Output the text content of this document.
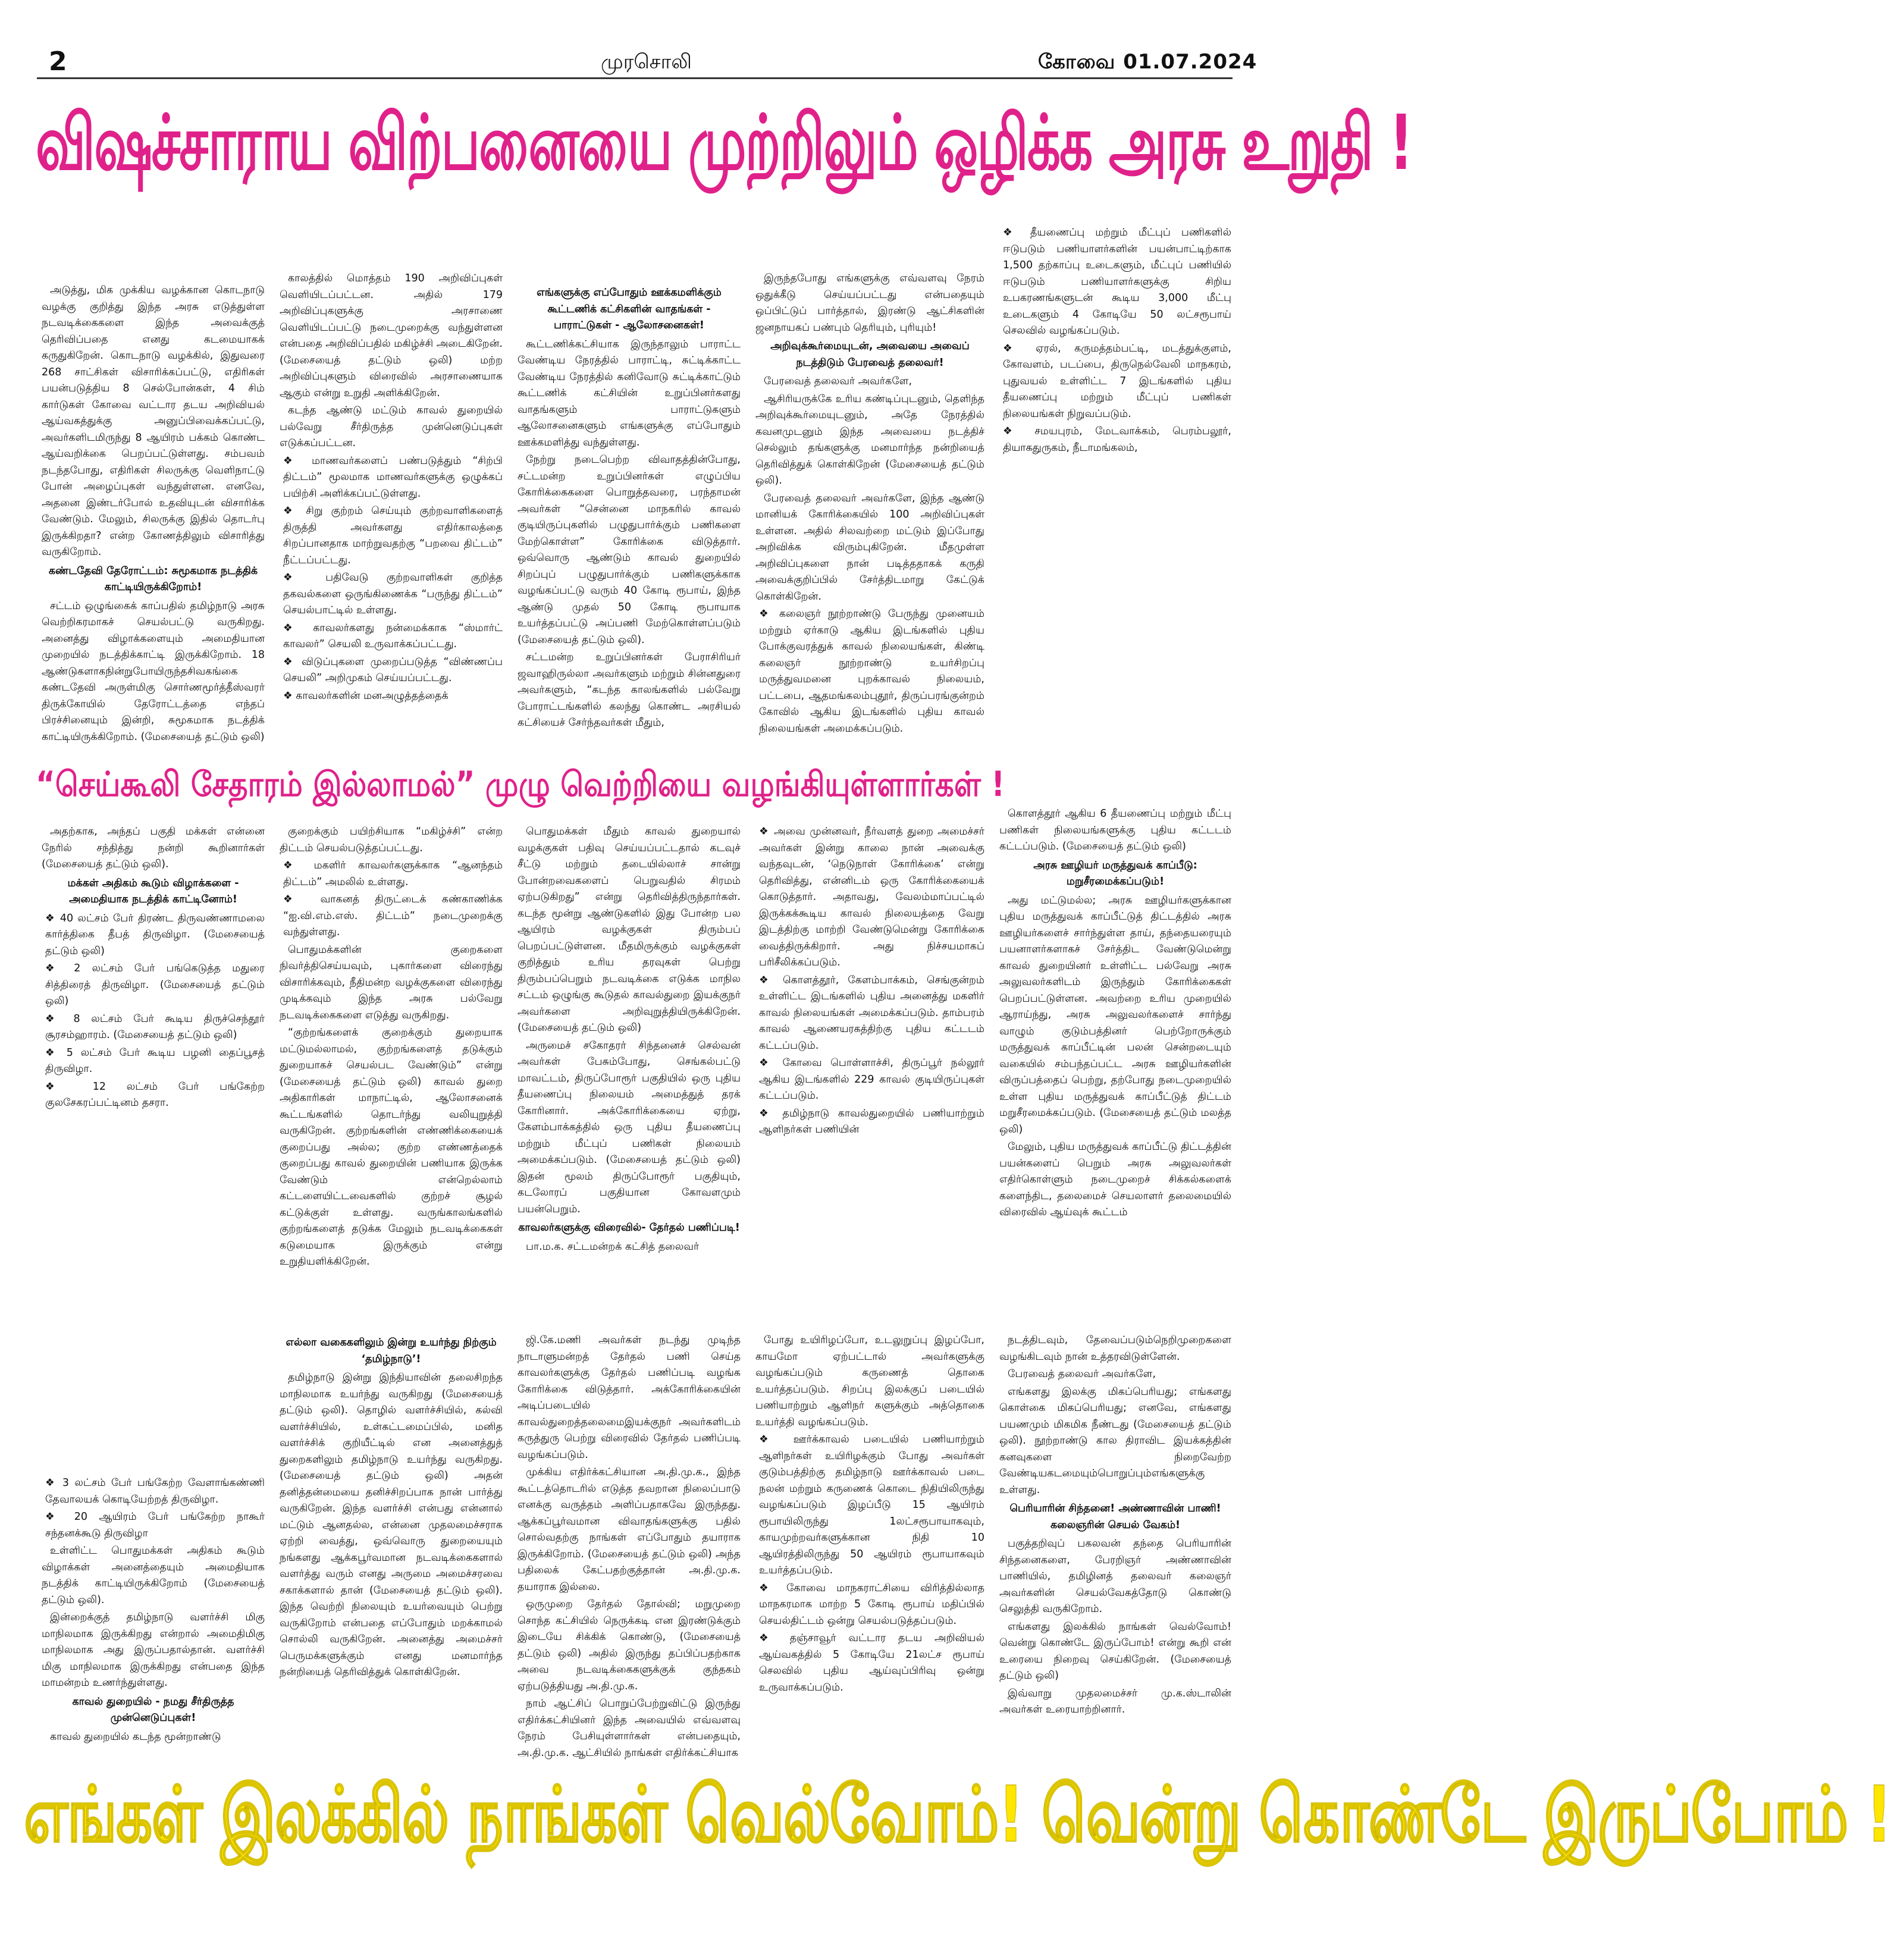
2	முரசொலி	கோவை 01.07.2024
விஷச்சாராய விற்பனையை முற்றிலும் ஒழிக்க அரசு உறுதி !

அடுத்து, மிக முக்கிய வழக்கான கொடநாடு வழக்கு குறித்து இந்த அரசு எடுத்துள்ள நடவடிக்கைகளை இந்த அவைக்குத் தெரிவிப்பதை எனது கடமையாகக் கருதுகிறேன். கொடநாடு வழக்கில், இதுவரை 268 சாட்சிகள் விசாரிக்கப்பட்டு, எதிரிகள் பயன்படுத்திய 8 செல்போன்கள், 4 சிம் கார்டுகள் கோவை வட்டார தடய அறிவியல் ஆய்வகத்துக்கு அனுப்பிவைக்கப்பட்டு, அவர்களிடமிருந்து 8 ஆயிரம் பக்கம் கொண்ட ஆய்வறிக்கை பெறப்பட்டுள்ளது. சம்பவம் நடந்தபோது, எதிரிகள் சிலருக்கு வெளிநாட்டு போன் அழைப்புகள் வந்துள்ளன. எனவே, அதனை இண்டர்போல் உதவியுடன் விசாரிக்க வேண்டும். மேலும், சிலருக்கு இதில் தொடர்பு இருக்கிறதா? என்ற கோணத்திலும் விசாரித்து வருகிறோம்.

கண்டதேவி தேரோட்டம்: சுமூகமாக நடத்திக் காட்டியிருக்கிறோம்!

சட்டம் ஒழுங்கைக் காப்பதில் தமிழ்நாடு அரசு வெற்றிகரமாகச் செயல்பட்டு வருகிறது. அனைத்து விழாக்களையும் அமைதியான முறையில் நடத்திக்காட்டி இருக்கிறோம். 18 ஆண்டுகளாகநின்றுபோயிருந்தசிவகங்கை கண்டதேவி அருள்மிகு சொர்ணமூர்த்தீஸ்வரர் திருக்கோயில் தேரோட்டத்தை எந்தப் பிரச்சினையும் இன்றி, சுமூகமாக நடத்திக் காட்டியிருக்கிறோம். (மேசையைத் தட்டும் ஒலி)

காலத்தில் மொத்தம் 190 அறிவிப்புகள் வெளியிடப்பட்டன. அதில் 179 அறிவிப்புகளுக்கு அரசாணை வெளியிடப்பட்டு நடைமுறைக்கு வந்துள்ளன என்பதை அறிவிப்பதில் மகிழ்ச்சி அடைகிறேன். (மேசையைத் தட்டும் ஒலி) மற்ற அறிவிப்புகளும் விரைவில் அரசாணையாக ஆகும் என்று உறுதி அளிக்கிறேன்.

கடந்த ஆண்டு மட்டும் காவல் துறையில் பல்வேறு சீர்திருத்த முன்னெடுப்புகள் எடுக்கப்பட்டன.

❖ மாணவர்களைப் பண்படுத்தும் “சிற்பி திட்டம்” மூலமாக மாணவர்களுக்கு ஒழுக்கப் பயிற்சி அளிக்கப்பட்டுள்ளது.

❖ சிறு குற்றம் செய்யும் குற்றவாளிகளைத் திருத்தி அவர்களது எதிர்காலத்தை சிறப்பானதாக மாற்றுவதற்கு “பறவை திட்டம்” நீட்டப்பட்டது.

❖ பதிவேடு குற்றவாளிகள் குறித்த தகவல்களை ஒருங்கிணைக்க “பருந்து திட்டம்” செயல்பாட்டில் உள்ளது.

❖ காவலர்களது நன்மைக்காக “ஸ்மார்ட் காவலர்” செயலி உருவாக்கப்பட்டது.

❖ விடுப்புகளை முறைப்படுத்த “விண்ணப்ப செயலி” அறிமுகம் செய்யப்பட்டது.

❖ காவலர்களின் மனஅழுத்தத்தைக்

எங்களுக்கு எப்போதும் ஊக்கமளிக்கும் கூட்டணிக் கட்சிகளின் வாதங்கள் - பாராட்டுகள் - ஆலோசனைகள்!

கூட்டணிக்கட்சியாக இருந்தாலும் பாராட்ட வேண்டிய நேரத்தில் பாராட்டி, சுட்டிக்காட்ட வேண்டிய நேரத்தில் கனிவோடு சுட்டிக்காட்டும் கூட்டணிக் கட்சியின் உறுப்பினர்களது வாதங்களும் பாராட்டுகளும் ஆலோசனைகளும் எங்களுக்கு எப்போதும் ஊக்கமளித்து வந்துள்ளது.

நேற்று நடைபெற்ற விவாதத்தின்போது, சட்டமன்ற உறுப்பினர்கள் எழுப்பிய கோரிக்கைகளை பொறுத்தவரை, பரந்தாமன் அவர்கள் “சென்னை மாநகரில் காவல் குடியிருப்புகளில் பழுதுபார்க்கும் பணிகளை மேற்கொள்ள” கோரிக்கை விடுத்தார். ஒவ்வொரு ஆண்டும் காவல் துறையில் சிறப்புப் பழுதுபார்க்கும் பணிகளுக்காக வழங்கப்பட்டு வரும் 40 கோடி ரூபாய், இந்த ஆண்டு முதல் 50 கோடி ரூபாயாக உயர்த்தப்பட்டு அப்பணி மேற்கொள்ளப்படும் (மேசையைத் தட்டும் ஒலி).

சட்டமன்ற உறுப்பினர்கள் பேராசிரியர் ஜவாஹிருல்லா அவர்களும் மற்றும் சின்னதுரை அவர்களும், “கடந்த காலங்களில் பல்வேறு போராட்டங்களில் கலந்து கொண்ட அரசியல் கட்சியைச் சேர்ந்தவர்கள் மீதும்,

இருந்தபோது எங்களுக்கு எவ்வளவு நேரம் ஒதுக்கீடு செய்யப்பட்டது என்பதையும் ஒப்பிட்டுப் பார்த்தால், இரண்டு ஆட்சிகளின் ஜனநாயகப் பண்பும் தெரியும், புரியும்!

அறிவுக்கூர்மையுடன், அவையை அவைப் நடத்திடும் பேரவைத் தலைவர்!

பேரவைத் தலைவர் அவர்களே,

ஆசிரியருக்கே உரிய கண்டிப்புடனும், தெளிந்த அறிவுக்கூர்மையுடனும், அதே நேரத்தில் கவனமுடனும் இந்த அவையை நடத்திச் செல்லும் தங்களுக்கு மனமார்ந்த நன்றியைத் தெரிவித்துக் கொள்கிறேன் (மேசையைத் தட்டும் ஒலி).

பேரவைத் தலைவர் அவர்களே, இந்த ஆண்டு மானியக் கோரிக்கையில் 100 அறிவிப்புகள் உள்ளன. அதில் சிலவற்றை மட்டும் இப்போது அறிவிக்க விரும்புகிறேன். மீதமுள்ள அறிவிப்புகளை நான் படித்ததாகக் கருதி அவைக்குறிப்பில் சேர்த்திடமாறு கேட்டுக் கொள்கிறேன்.

❖ கலைஞர் நூற்றாண்டு பேருந்து முனையம் மற்றும் ஏர்காடு ஆகிய இடங்களில் புதிய போக்குவரத்துக் காவல் நிலையங்கள், கிண்டி கலைஞர் நூற்றாண்டு உயர்சிறப்பு மருத்துவமனை புறக்காவல் நிலையம், பட்டபை, ஆதமங்கலம்புதூர், திருப்பரங்குன்றம் கோவில் ஆகிய இடங்களில் புதிய காவல் நிலையங்கள் அமைக்கப்படும்.

❖ தீயணைப்பு மற்றும் மீட்புப் பணிகளில் ஈடுபடும் பணியாளர்களின் பயன்பாட்டிற்காக 1,500 தற்காப்பு உடைகளும், மீட்புப் பணியில் ஈடுபடும் பணியாளர்களுக்கு சிறிய உபகரணங்களுடன் கூடிய 3,000 மீட்பு உடைகளும் 4 கோடியே 50 லட்சரூபாய் செலவில் வழங்கப்படும்.

❖ ஏரல், கருமத்தம்பட்டி, மடத்துக்குளம், கோவளம், படப்பை, திருநெல்வேலி மாநகரம், புதுவயல் உள்ளிட்ட 7 இடங்களில் புதிய தீயணைப்பு மற்றும் மீட்புப் பணிகள் நிலையங்கள் நிறுவப்படும்.

❖ சமயபுரம், மேடவாக்கம், பெரம்பலூர், தியாகதுருகம், நீடாமங்கலம்,

“செய்கூலி சேதாரம் இல்லாமல்” முழு வெற்றியை வழங்கியுள்ளார்கள் !

அதற்காக, அந்தப் பகுதி மக்கள் என்னை நேரில் சந்தித்து நன்றி கூறினார்கள் (மேசையைத் தட்டும் ஒலி).

மக்கள் அதிகம் கூடும் விழாக்களை - அமைதியாக நடத்திக் காட்டினோம்!

❖ 40 லட்சம் பேர் திரண்ட திருவண்ணாமலை கார்த்திகை தீபத் திருவிழா. (மேசையைத் தட்டும் ஒலி)

❖ 2 லட்சம் பேர் பங்கெடுத்த மதுரை சித்திரைத் திருவிழா. (மேசையைத் தட்டும் ஒலி)

❖ 8 லட்சம் பேர் கூடிய திருச்செந்தூர் சூரசம்ஹாரம். (மேசையைத் தட்டும் ஒலி)

❖ 5 லட்சம் பேர் கூடிய பழனி தைப்பூசத் திருவிழா.

❖ 12 லட்சம் பேர் பங்கேற்ற குலசேகரப்பட்டினம் தசரா.

குறைக்கும் பயிற்சியாக “மகிழ்ச்சி” என்ற திட்டம் செயல்படுத்தப்பட்டது.

❖ மகளிர் காவலர்களுக்காக “ஆனந்தம் திட்டம்” அமலில் உள்ளது.

❖ வாகனத் திருட்டைக் கண்காணிக்க “ஐ.வி.எம்.எஸ். திட்டம்” நடைமுறைக்கு வந்துள்ளது.

பொதுமக்களின் குறைகளை நிவர்த்திசெய்யவும், புகார்களை விரைந்து விசாரிக்கவும், நீதிமன்ற வழக்குகளை விரைந்து முடிக்கவும் இந்த அரசு பல்வேறு நடவடிக்கைகளை எடுத்து வருகிறது.

“குற்றங்களைக் குறைக்கும் துறையாக மட்டுமல்லாமல், குற்றங்களைத் தடுக்கும் துறையாகச் செயல்பட வேண்டும்” என்று (மேசையைத் தட்டும் ஒலி) காவல் துறை அதிகாரிகள் மாநாட்டில், ஆலோசனைக் கூட்டங்களில் தொடர்ந்து வலியுறுத்தி வருகிறேன். குற்றங்களின் எண்ணிக்கையைக் குறைப்பது அல்ல; குற்ற எண்ணத்தைக் குறைப்பது காவல் துறையின் பணியாக இருக்க வேண்டும் என்றெல்லாம் கட்டளையிட்டவைகளில் குற்றச் சூழல் கட்டுக்குள் உள்ளது. வருங்காலங்களில் குற்றங்களைத் தடுக்க மேலும் நடவடிக்கைகள் கடுமையாக இருக்கும் என்று உறுதியளிக்கிறேன்.

பொதுமக்கள் மீதும் காவல் துறையால் வழக்குகள் பதிவு செய்யப்பட்டதால் கடவுச் சீட்டு மற்றும் தடையில்லாச் சான்று போன்றவைகளைப் பெறுவதில் சிரமம் ஏற்படுகிறது” என்று தெரிவித்திருந்தார்கள். கடந்த மூன்று ஆண்டுகளில் இது போன்ற பல ஆயிரம் வழக்குகள் திரும்பப் பெறப்பட்டுள்ளன. மீதமிருக்கும் வழக்குகள் குறித்தும் உரிய தரவுகள் பெற்று திரும்பப்பெறும் நடவடிக்கை எடுக்க மாநில சட்டம் ஒழுங்கு கூடுதல் காவல்துறை இயக்குநர் அவர்களை அறிவுறுத்தியிருக்கிறேன். (மேசையைத் தட்டும் ஒலி)

அருமைச் சகோதரர் சிந்தனைச் செல்வன் அவர்கள் பேசும்போது, செங்கல்பட்டு மாவட்டம், திருப்போரூர் பகுதியில் ஒரு புதிய தீயணைப்பு நிலையம் அமைத்துத் தரக் கோரினார். அக்கோரிக்கையை ஏற்று, கேளம்பாக்கத்தில் ஒரு புதிய தீயணைப்பு மற்றும் மீட்புப் பணிகள் நிலையம் அமைக்கப்படும். (மேசையைத் தட்டும் ஒலி) இதன் மூலம் திருப்போரூர் பகுதியும், கடலோரப் பகுதியான கோவளமும் பயன்பெறும்.

காவலர்களுக்கு விரைவில்- தேர்தல் பணிப்படி!

பா.ம.க. சட்டமன்றக் கட்சித் தலைவர்

❖ அவை முன்னவர், நீர்வளத் துறை அமைச்சர் அவர்கள் இன்று காலை நான் அவைக்கு வந்தவுடன், ‘நெடுநாள் கோரிக்கை’ என்று தெரிவித்து, என்னிடம் ஒரு கோரிக்கையைக் கொடுத்தார். அதாவது, வேலம்மாப்பட்டில் இருக்கக்கூடிய காவல் நிலையத்தை வேறு இடத்திற்கு மாற்றி வேண்டுமென்று கோரிக்கை வைத்திருக்கிறார். அது நிச்சயமாகப் பரிசீலிக்கப்படும்.

❖ கொளத்தூர், கேளம்பாக்கம், செங்குன்றம் உள்ளிட்ட இடங்களில் புதிய அனைத்து மகளிர் காவல் நிலையங்கள் அமைக்கப்படும். தாம்பரம் காவல் ஆணையரகத்திற்கு புதிய கட்டடம் கட்டப்படும்.

❖ கோவை பொள்ளாச்சி, திருப்பூர் நல்லூர் ஆகிய இடங்களில் 229 காவல் குடியிருப்புகள் கட்டப்படும்.

❖ தமிழ்நாடு காவல்துறையில் பணியாற்றும் ஆளிநர்கள் பணியின்

கொளத்தூர் ஆகிய 6 தீயணைப்பு மற்றும் மீட்பு பணிகள் நிலையங்களுக்கு புதிய கட்டடம் கட்டப்படும். (மேசையைத் தட்டும் ஒலி)

அரசு ஊழியர் மருத்துவக் காப்பீடு: மறுசீரமைக்கப்படும்!

அது மட்டுமல்ல; அரசு ஊழியர்களுக்கான புதிய மருத்துவக் காப்பீட்டுத் திட்டத்தில் அரசு ஊழியர்களைச் சார்ந்துள்ள தாய், தந்தையரையும் பயனாளர்களாகச் சேர்த்திட வேண்டுமென்று காவல் துறையினர் உள்ளிட்ட பல்வேறு அரசு அலுவலர்களிடம் இருந்தும் கோரிக்கைகள் பெறப்பட்டுள்ளன. அவற்றை உரிய முறையில் ஆராய்ந்து, அரசு அலுவலர்களைச் சார்ந்து வாழும் குடும்பத்தினர் பெற்றோருக்கும் மருத்துவக் காப்பீட்டின் பலன் சென்றடையும் வகையில் சம்பந்தப்பட்ட அரசு ஊழியர்களின் விருப்பத்தைப் பெற்று, தற்போது நடைமுறையில் உள்ள புதிய மருத்துவக் காப்பீட்டுத் திட்டம் மறுசீரமைக்கப்படும். (மேசையைத் தட்டும் மலத்த ஒலி)

மேலும், புதிய மருத்துவக் காப்பீட்டு திட்டத்தின் பயன்களைப் பெறும் அரசு அலுவலர்கள் எதிர்கொள்ளும் நடைமுறைச் சிக்கல்களைக் களைந்திட, தலைமைச் செயலாளர் தலைமையில் விரைவில் ஆய்வுக் கூட்டம்

❖ 3 லட்சம் பேர் பங்கேற்ற வேளாங்கண்ணி தேவாலயக் கொடியேற்றத் திருவிழா.

❖ 20 ஆயிரம் பேர் பங்கேற்ற நாகூர் சந்தனக்கூடு திருவிழா

உள்ளிட்ட பொதுமக்கள் அதிகம் கூடும் விழாக்கள் அனைத்தையும் அமைதியாக நடத்திக் காட்டியிருக்கிறோம் (மேசையைத் தட்டும் ஒலி).

இன்றைக்குத் தமிழ்நாடு வளர்ச்சி மிகு மாநிலமாக இருக்கிறது என்றால் அமைதிமிகு மாநிலமாக அது இருப்பதால்தான். வளர்ச்சி மிகு மாநிலமாக இருக்கிறது என்பதை இந்த மாமன்றம் உணர்ந்துள்ளது.

காவல் துறையில் - நமது சீர்திருத்த முன்னெடுப்புகள்!

காவல் துறையில் கடந்த மூன்றாண்டு

எல்லா வகைகளிலும் இன்று உயர்ந்து நிற்கும் ‘தமிழ்நாடு’!

தமிழ்நாடு இன்று இந்தியாவின் தலைசிறந்த மாநிலமாக உயர்ந்து வருகிறது (மேசையைத் தட்டும் ஒலி). தொழில் வளர்ச்சியில், கல்வி வளர்ச்சியில், உள்கட்டமைப்பில், மனித வளர்ச்சிக் குறியீட்டில் என அனைத்துத் துறைகளிலும் தமிழ்நாடு உயர்ந்து வருகிறது. (மேசையைத் தட்டும் ஒலி) அதன் தனித்தன்மையை தனிச்சிறப்பாக நான் பார்த்து வருகிறேன். இந்த வளர்ச்சி என்பது என்னால் மட்டும் ஆனதல்ல, என்னை முதலமைச்சராக ஏற்றி வைத்து, ஒவ்வொரு துறையையும் நங்களது ஆக்கபூர்வமான நடவடிக்கைகளால் வளர்த்து வரும் எனது அருமை அமைச்சரவை சகாக்களால் தான் (மேசையைத் தட்டும் ஒலி). இந்த வெற்றி நிலையும் உயர்வையும் பெற்று வருகிறோம் என்பதை எப்போதும் மறக்காமல் சொல்லி வருகிறேன். அனைத்து அமைச்சர் பெருமக்களுக்கும் எனது மனமார்ந்த நன்றியைத் தெரிவித்துக் கொள்கிறேன்.

ஜி.கே.மணி அவர்கள் நடந்து முடிந்த நாடாளுமன்றத் தேர்தல் பணி செய்த காவலர்களுக்கு தேர்தல் பணிப்படி வழங்க கோரிக்கை விடுத்தார். அக்கோரிக்கையின் அடிப்படையில் காவல்துறைத்தலைமைஇயக்குநர் அவர்களிடம் கருத்துரு பெற்று விரைவில் தேர்தல் பணிப்படி வழங்கப்படும்.

முக்கிய எதிர்க்கட்சியான அ.தி.மு.க., இந்த கூட்டத்தொடரில் எடுத்த தவறான நிலைப்பாடு எனக்கு வருத்தம் அளிப்பதாகவே இருந்தது. ஆக்கப்பூர்வமான விவாதங்களுக்கு பதில் சொல்வதற்கு நாங்கள் எப்போதும் தயாராக இருக்கிறோம். (மேசையைத் தட்டும் ஒலி) அந்த பதிலைக் கேட்பதற்குத்தான் அ.தி.மு.க. தயாராக இல்லை.

ஒருமுறை தேர்தல் தோல்வி; மறுமுறை சொந்த கட்சியில் நெருக்கடி என இரண்டுக்கும் இடையே சிக்கிக் கொண்டு, (மேசையைத் தட்டும் ஒலி) அதில் இருந்து தப்பிப்பதற்காக அவை நடவடிக்கைகளுக்குக் குந்தகம் ஏற்படுத்தியது அ.தி.மு.க.

நாம் ஆட்சிப் பொறுப்பேற்றுவிட்டு இருந்து எதிர்க்கட்சியினர் இந்த அவையில் எவ்வளவு நேரம் பேசியுள்ளார்கள் என்பதையும், அ.தி.மு.க. ஆட்சியில் நாங்கள் எதிர்க்கட்சியாக

போது உயிரிழப்போ, உடலுறுப்பு இழப்போ, காயமோ ஏற்பட்டால் அவர்களுக்கு வழங்கப்படும் கருணைத் தொகை உயர்த்தப்படும். சிறப்பு இலக்குப் படையில் பணியாற்றும் ஆளிநர் களுக்கும் அத்தொகை உயர்த்தி வழங்கப்படும்.

❖ ஊர்க்காவல் படையில் பணியாற்றும் ஆளிநர்கள் உயிரிழக்கும் போது அவர்கள் குடும்பத்திற்கு தமிழ்நாடு ஊர்க்காவல் படை நலன் மற்றும் கருணைக் கொடை நிதியிலிருந்து வழங்கப்படும் இழப்பீடு 15 ஆயிரம் ரூபாயிலிருந்து 1லட்சரூபாயாகவும், காயமுற்றவர்களுக்கான நிதி 10 ஆயிரத்திலிருந்து 50 ஆயிரம் ரூபாயாகவும் உயர்த்தப்படும்.

❖ கோவை மாநகராட்சியை விரித்தில்லாத மாநகரமாக மாற்ற 5 கோடி ரூபாய் மதிப்பில் செயல்திட்டம் ஒன்று செயல்படுத்தப்படும்.

❖ தஞ்சாவூர் வட்டார தடய அறிவியல் ஆய்வகத்தில் 5 கோடியே 21லட்ச ரூபாய் செலவில் புதிய ஆய்வுப்பிரிவு ஒன்று உருவாக்கப்படும்.

நடத்திடவும், தேவைப்படும்நெறிமுறைகளை வழங்கிடவும் நான் உத்தரவிடுள்ளேன்.

பேரவைத் தலைவர் அவர்களே,

எங்களது இலக்கு மிகப்பெரியது; எங்களது கொள்கை மிகப்பெரியது; எனவே, எங்களது பயணமும் மிகமிக நீண்டது (மேசையைத் தட்டும் ஒலி). நூற்றாண்டு கால திராவிட இயக்கத்தின் கனவுகளை நிறைவேற்ற வேண்டியகடமையும்பொறுப்பும்எங்களுக்கு உள்ளது.

பெரியாரின் சிந்தனை! அண்ணாவின் பாணி! கலைஞரின் செயல் வேகம்!

பகுத்தறிவுப் பகலவன் தந்தை பெரியாரின் சிந்தனைகளை, பேரறிஞர் அண்ணாவின் பாணியில், தமிழினத் தலைவர் கலைஞர் அவர்களின் செயல்வேகத்தோடு கொண்டு செலுத்தி வருகிறோம்.

எங்களது இலக்கில் நாங்கள் வெல்வோம்! வென்று கொண்டே இருப்போம்! என்று கூறி என் உரையை நிறைவு செய்கிறேன். (மேசையைத் தட்டும் ஒலி)

இவ்வாறு முதலமைச்சர் மு.க.ஸ்டாலின் அவர்கள் உரையாற்றினார்.

எங்கள் இலக்கில் நாங்கள் வெல்வோம்! வென்று கொண்டே இருப்போம் !
